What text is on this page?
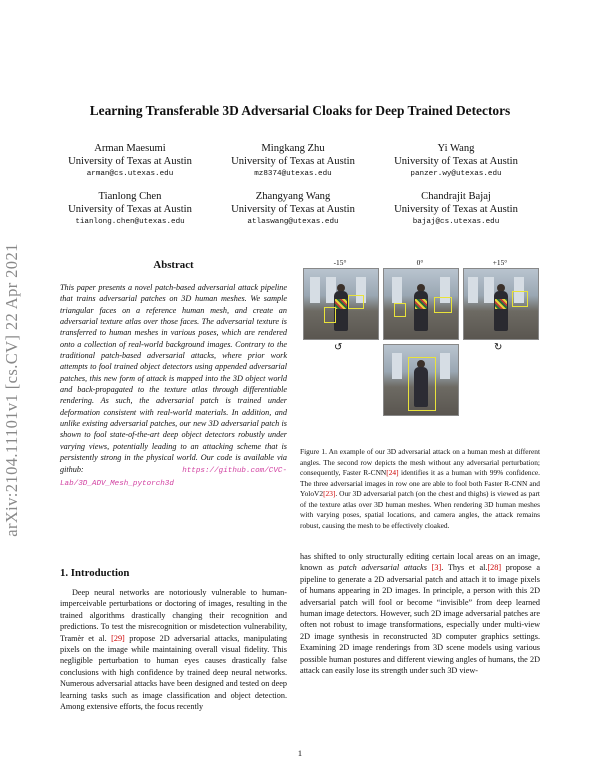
arXiv:2104.11101v1 [cs.CV] 22 Apr 2021
Learning Transferable 3D Adversarial Cloaks for Deep Trained Detectors
Arman Maesumi
University of Texas at Austin
arman@cs.utexas.edu
Mingkang Zhu
University of Texas at Austin
mz8374@utexas.edu
Yi Wang
University of Texas at Austin
panzer.wy@utexas.edu
Tianlong Chen
University of Texas at Austin
tianlong.chen@utexas.edu
Zhangyang Wang
University of Texas at Austin
atlaswang@utexas.edu
Chandrajit Bajaj
University of Texas at Austin
bajaj@cs.utexas.edu
Abstract
This paper presents a novel patch-based adversarial attack pipeline that trains adversarial patches on 3D human meshes. We sample triangular faces on a reference human mesh, and create an adversarial texture atlas over those faces. The adversarial texture is transferred to human meshes in various poses, which are rendered onto a collection of real-world background images. Contrary to the traditional patch-based adversarial attacks, where prior work attempts to fool trained object detectors using appended adversarial patches, this new form of attack is mapped into the 3D object world and back-propagated to the texture atlas through differentiable rendering. As such, the adversarial patch is trained under deformation consistent with real-world materials. In addition, and unlike existing adversarial patches, our new 3D adversarial patch is shown to fool state-of-the-art deep object detectors robustly under varying views, potentially leading to an attacking scheme that is persistently strong in the physical world. Our code is available via github:	https://github.com/CVC-Lab/3D_ADV_Mesh_pytorch3d
-15°	0°	+15°
↺	↻
Figure 1. An example of our 3D adversarial attack on a human mesh at different angles. The second row depicts the mesh without any adversarial perturbation; consequently, Faster R-CNN[24] identifies it as a human with 99% confidence. The three adversarial images in row one are able to fool both Faster R-CNN and YoloV2[23]. Our 3D adversarial patch (on the chest and thighs) is viewed as part of the texture atlas over 3D human meshes. When rendering 3D human meshes with varying poses, spatial locations, and camera angles, the attack remains robust, causing the mesh to be effectively cloaked.
1. Introduction
Deep neural networks are notoriously vulnerable to human-imperceivable perturbations or doctoring of images, resulting in the trained algorithms drastically changing their recognition and predictions. To test the misrecognition or misdetection vulnerability, Tramèr et al. [29] propose 2D adversarial attacks, manipulating pixels on the image while maintaining overall visual fidelity. This negligible perturbation to human eyes causes drastically false conclusions with high confidence by trained deep neural networks. Numerous adversarial attacks have been designed and tested on deep learning tasks such as image classification and object detection. Among extensive efforts, the focus recently
has shifted to only structurally editing certain local areas on an image, known as patch adversarial attacks [3]. Thys et al.[28] propose a pipeline to generate a 2D adversarial patch and attach it to image pixels of humans appearing in 2D images. In principle, a person with this 2D adversarial patch will fool or become “invisible” from deep learned human image detectors. However, such 2D image adversarial patches are often not robust to image transformations, especially under multi-view 2D image synthesis in reconstructed 3D computer graphics settings. Examining 2D image renderings from 3D scene models using various possible human postures and different viewing angles of humans, the 2D attack can easily lose its strength under such 3D view-
1
